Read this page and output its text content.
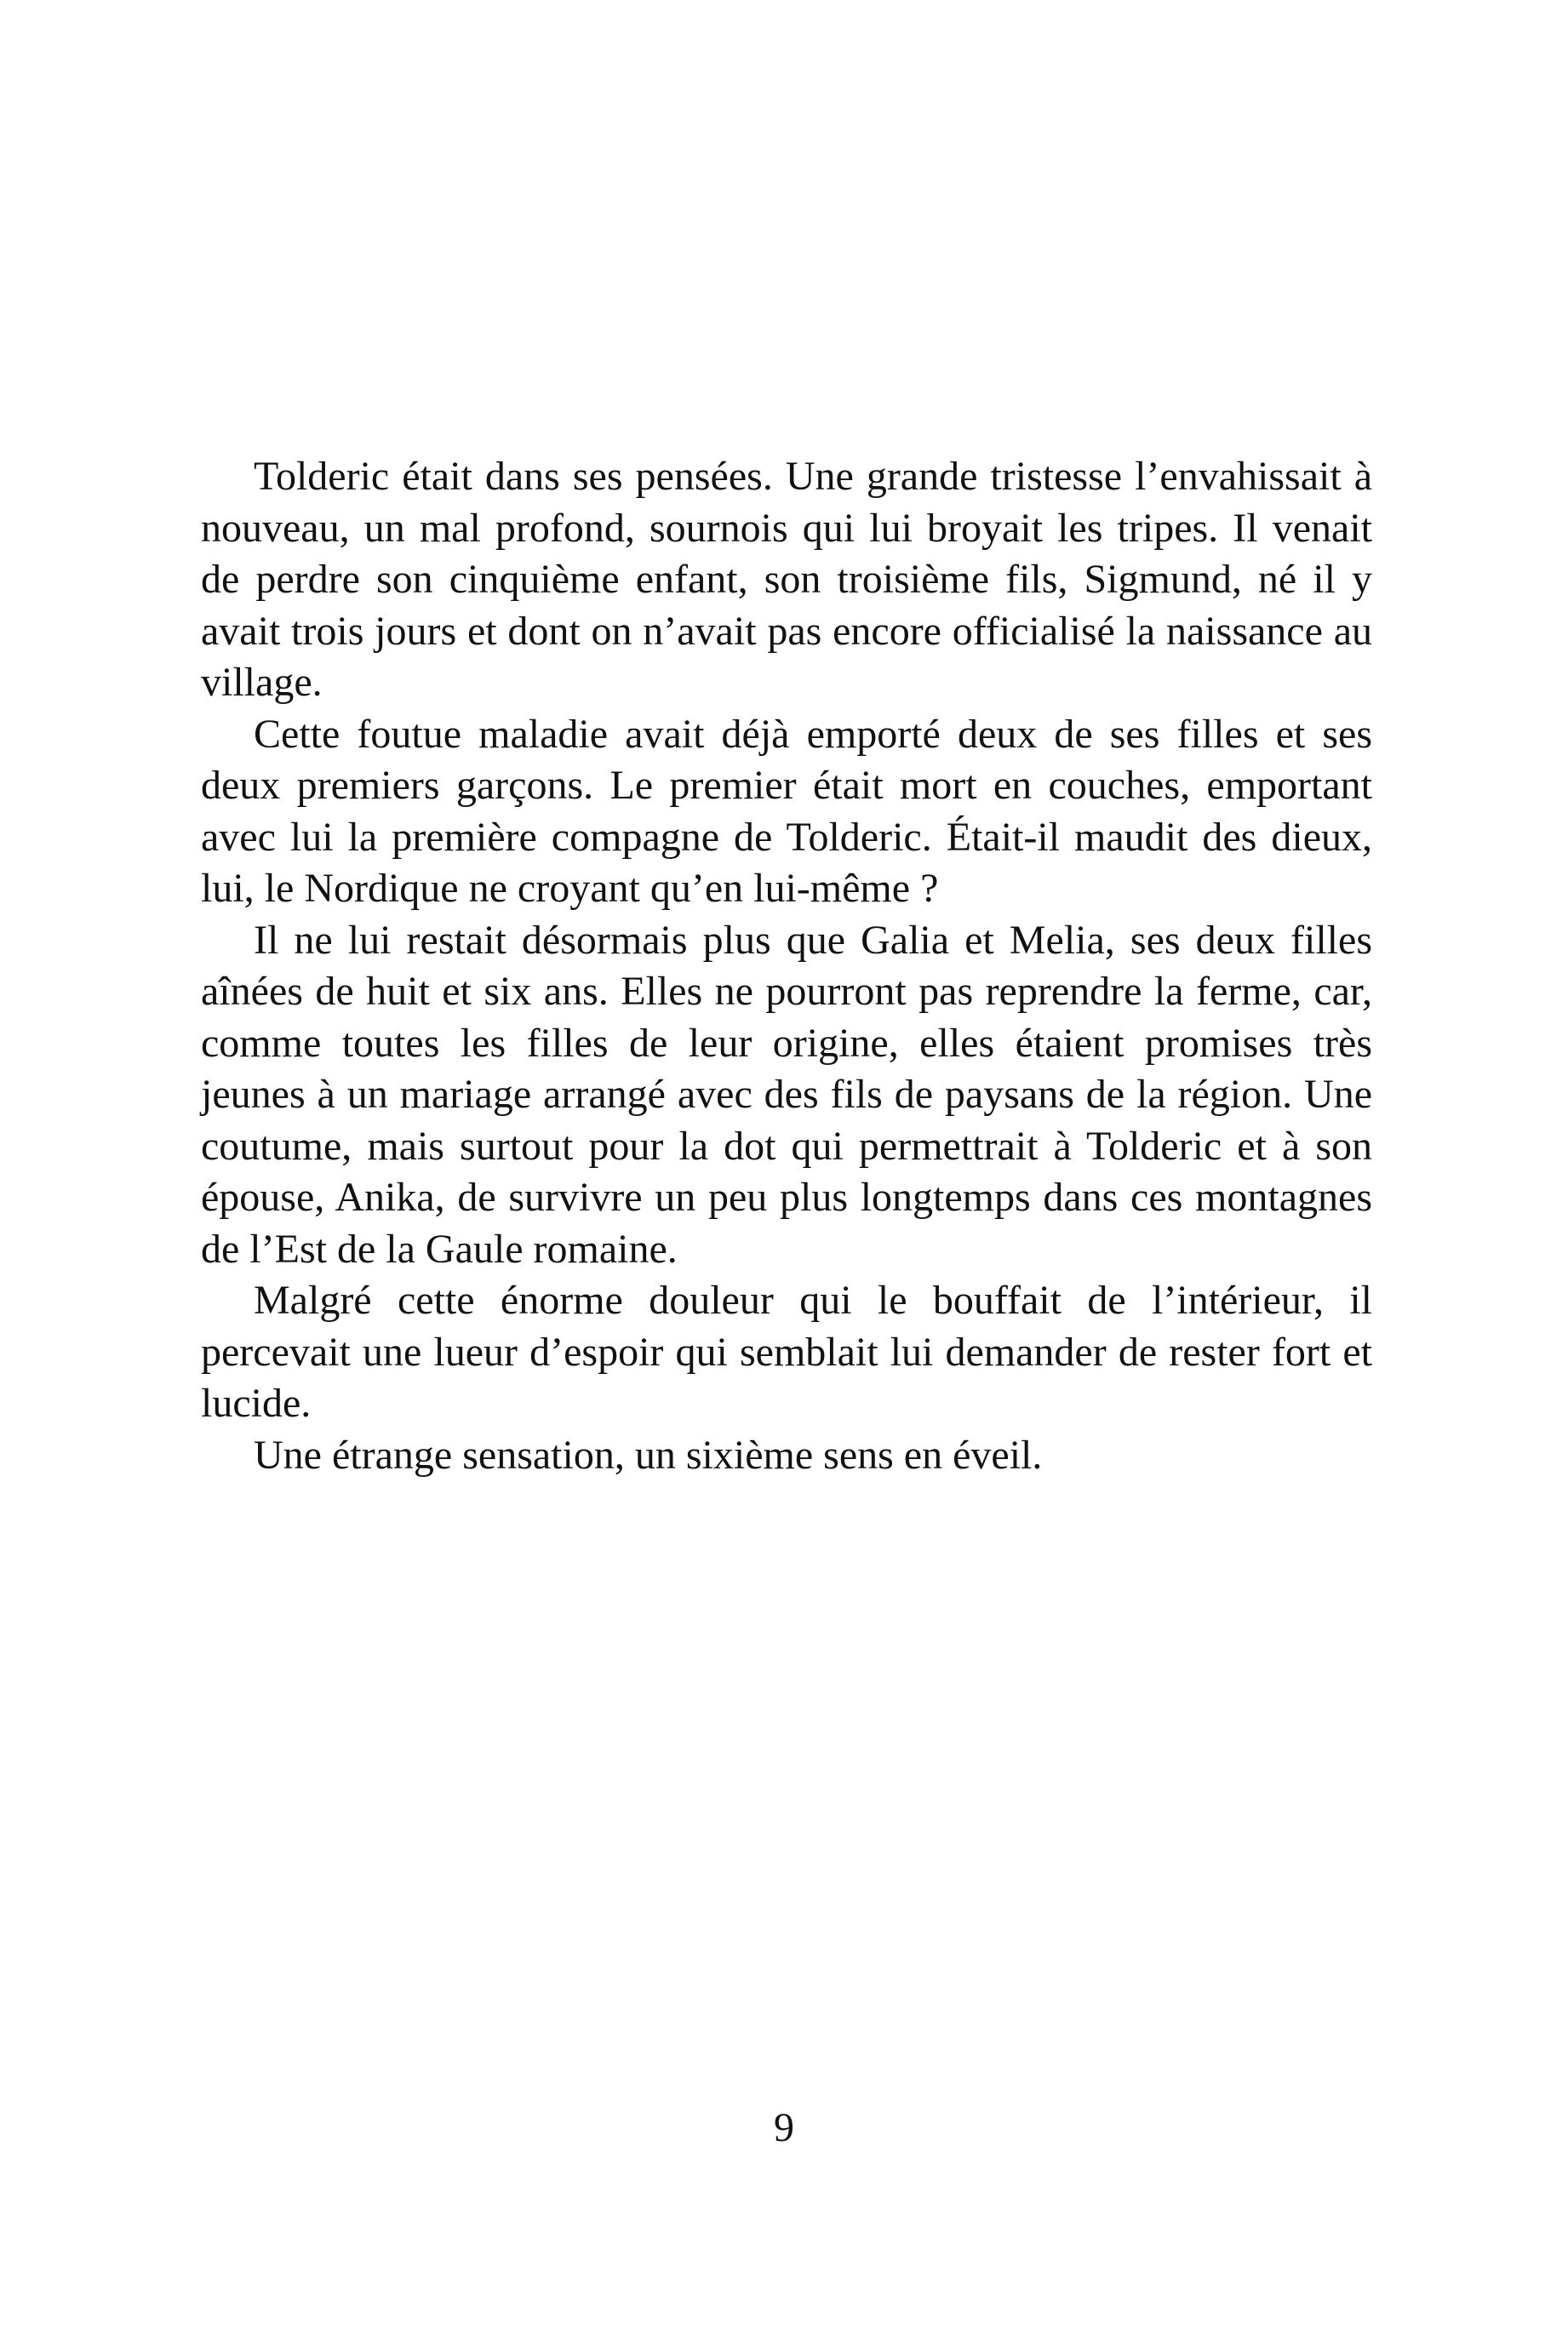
Tolderic était dans ses pensées. Une grande tristesse l’envahissait à nouveau, un mal profond, sournois qui lui broyait les tripes. Il venait de perdre son cinquième enfant, son troisième fils, Sigmund, né il y avait trois jours et dont on n’avait pas encore officialisé la naissance au village.

Cette foutue maladie avait déjà emporté deux de ses filles et ses deux premiers garçons. Le premier était mort en couches, emportant avec lui la première compagne de Tolderic. Était-il maudit des dieux, lui, le Nordique ne croyant qu’en lui-même ?

Il ne lui restait désormais plus que Galia et Melia, ses deux filles aînées de huit et six ans. Elles ne pourront pas reprendre la ferme, car, comme toutes les filles de leur origine, elles étaient promises très jeunes à un mariage arrangé avec des fils de paysans de la région. Une coutume, mais surtout pour la dot qui permettrait à Tolderic et à son épouse, Anika, de survivre un peu plus longtemps dans ces montagnes de l’Est de la Gaule romaine.

Malgré cette énorme douleur qui le bouffait de l’intérieur, il percevait une lueur d’espoir qui semblait lui demander de rester fort et lucide.

Une étrange sensation, un sixième sens en éveil.

9
